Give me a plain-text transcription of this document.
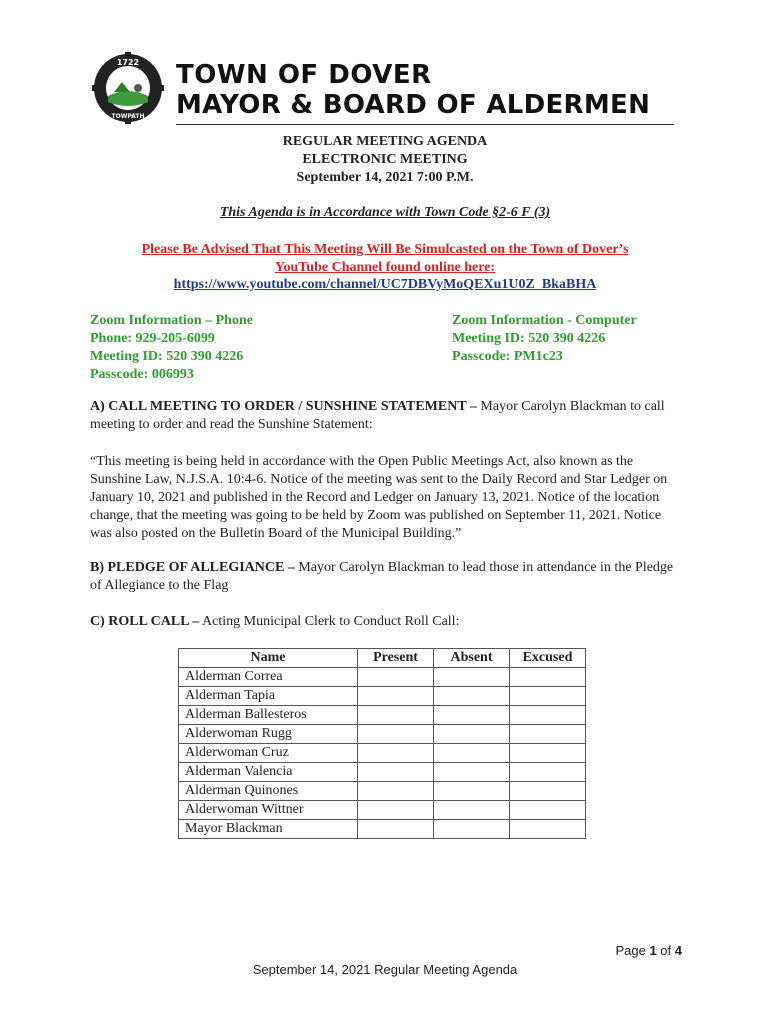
1722
TOWPATH
TOWN OF DOVER
MAYOR & BOARD OF ALDERMEN
REGULAR MEETING AGENDA
ELECTRONIC MEETING
September 14, 2021 7:00 P.M.
This Agenda is in Accordance with Town Code §2-6 F (3)
Please Be Advised That This Meeting Will Be Simulcasted on the Town of Dover’s
YouTube Channel found online here:
https://www.youtube.com/channel/UC7DBVyMoQEXu1U0Z_BkaBHA
Zoom Information – Phone
Phone: 929-205-6099
Meeting ID: 520 390 4226
Passcode: 006993
Zoom Information - Computer
Meeting ID: 520 390 4226
Passcode: PM1c23
A) CALL MEETING TO ORDER / SUNSHINE STATEMENT – Mayor Carolyn Blackman to call meeting to order and read the Sunshine Statement:
“This meeting is being held in accordance with the Open Public Meetings Act, also known as the Sunshine Law, N.J.S.A. 10:4-6. Notice of the meeting was sent to the Daily Record and Star Ledger on January 10, 2021 and published in the Record and Ledger on January 13, 2021. Notice of the location change, that the meeting was going to be held by Zoom was published on September 11, 2021. Notice was also posted on the Bulletin Board of the Municipal Building.”
B) PLEDGE OF ALLEGIANCE – Mayor Carolyn Blackman to lead those in attendance in the Pledge of Allegiance to the Flag
C) ROLL CALL – Acting Municipal Clerk to Conduct Roll Call:
Name	Present	Absent	Excused
Alderman Correa			
Alderman Tapia			
Alderman Ballesteros			
Alderwoman Rugg			
Alderwoman Cruz			
Alderman Valencia			
Alderman Quinones			
Alderwoman Wittner			
Mayor Blackman			
Page 1 of 4
September 14, 2021 Regular Meeting Agenda
